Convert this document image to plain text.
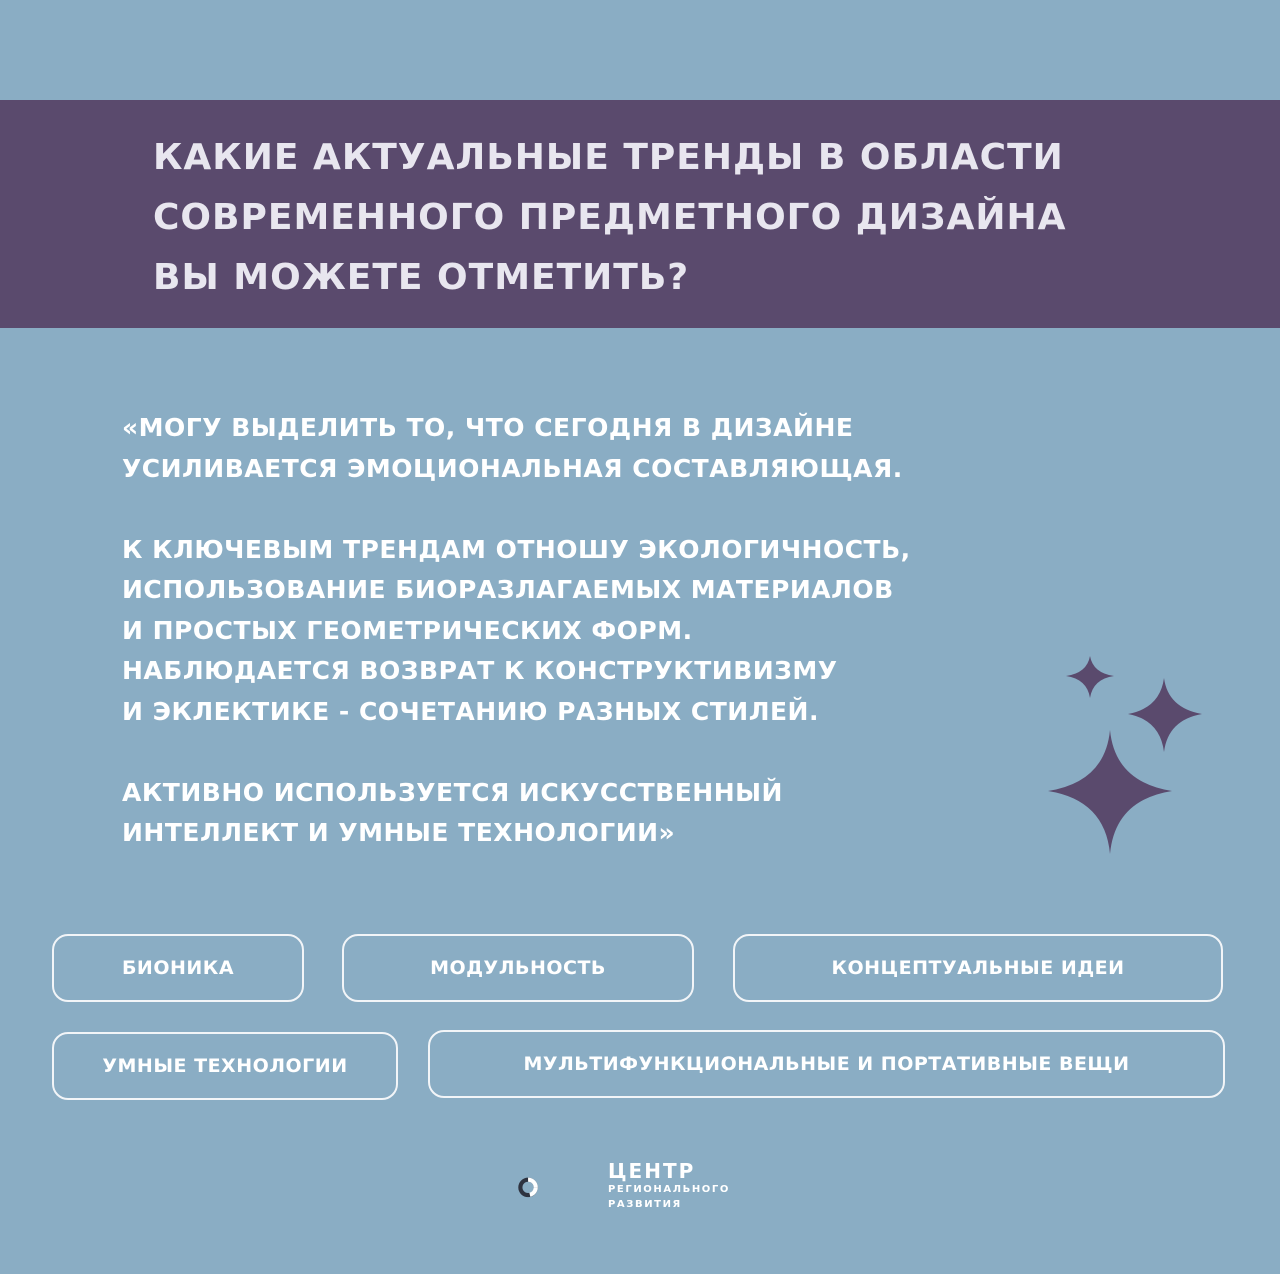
КАКИЕ АКТУАЛЬНЫЕ ТРЕНДЫ В ОБЛАСТИ
СОВРЕМЕННОГО ПРЕДМЕТНОГО ДИЗАЙНА
ВЫ МОЖЕТЕ ОТМЕТИТЬ?

«МОГУ ВЫДЕЛИТЬ ТО, ЧТО СЕГОДНЯ В ДИЗАЙНЕ
УСИЛИВАЕТСЯ ЭМОЦИОНАЛЬНАЯ СОСТАВЛЯЮЩАЯ.

К КЛЮЧЕВЫМ ТРЕНДАМ ОТНОШУ ЭКОЛОГИЧНОСТЬ,
ИСПОЛЬЗОВАНИЕ БИОРАЗЛАГАЕМЫХ МАТЕРИАЛОВ
И ПРОСТЫХ ГЕОМЕТРИЧЕСКИХ ФОРМ.
НАБЛЮДАЕТСЯ ВОЗВРАТ К КОНСТРУКТИВИЗМУ
И ЭКЛЕКТИКЕ - СОЧЕТАНИЮ РАЗНЫХ СТИЛЕЙ.

АКТИВНО ИСПОЛЬЗУЕТСЯ ИСКУССТВЕННЫЙ
ИНТЕЛЛЕКТ И УМНЫЕ ТЕХНОЛОГИИ»

БИОНИКА	МОДУЛЬНОСТЬ	КОНЦЕПТУАЛЬНЫЕ ИДЕИ
УМНЫЕ ТЕХНОЛОГИИ	МУЛЬТИФУНКЦИОНАЛЬНЫЕ И ПОРТАТИВНЫЕ ВЕЩИ
ЦЕНТР
РЕГИОНАЛЬНОГО
РАЗВИТИЯ
